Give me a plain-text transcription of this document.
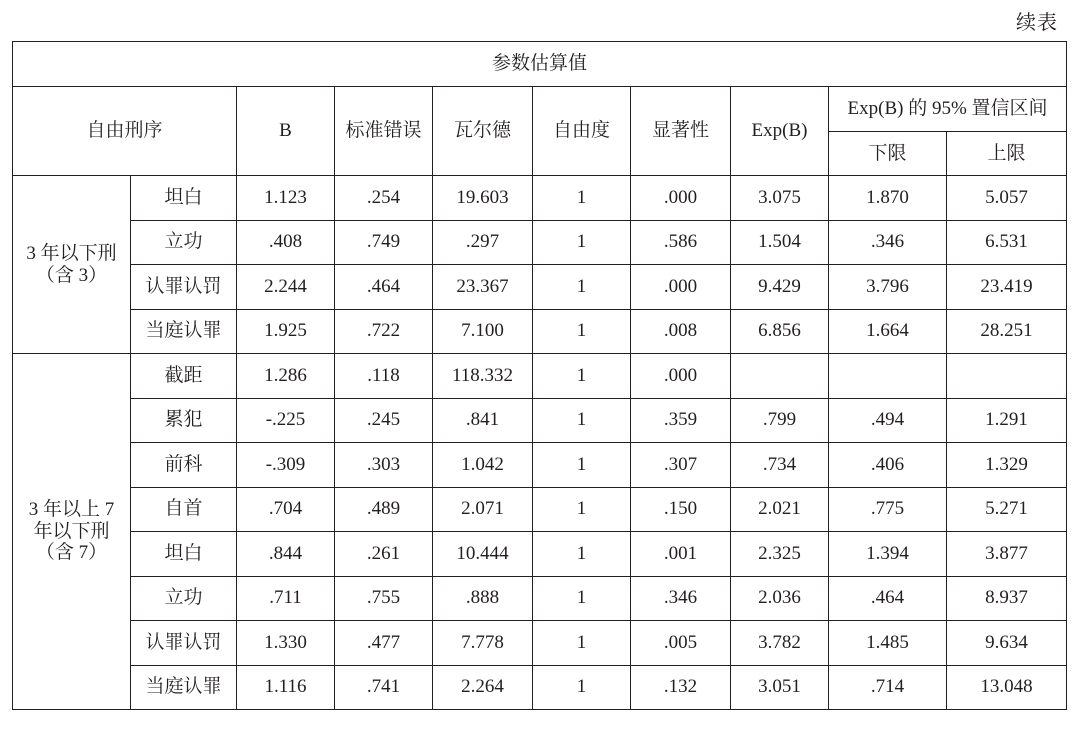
续表
参数估算值									
自由刑序		B	标准错误	瓦尔德	自由度	显著性	Exp(B)	Exp(B) 的 95% 置信区间	
								下限	上限

3 年以下刑
（含 3）	坦白	1.123	.254	19.603	1	.000	3.075	1.870	5.057
	立功	.408	.749	.297	1	.586	1.504	.346	6.531
	认罪认罚	2.244	.464	23.367	1	.000	9.429	3.796	23.419
	当庭认罪	1.925	.722	7.100	1	.008	6.856	1.664	28.251

3 年以上 7
年以下刑
（含 7）	截距	1.286	.118	118.332	1	.000			
	累犯	-.225	.245	.841	1	.359	.799	.494	1.291
	前科	-.309	.303	1.042	1	.307	.734	.406	1.329
	自首	.704	.489	2.071	1	.150	2.021	.775	5.271
	坦白	.844	.261	10.444	1	.001	2.325	1.394	3.877
	立功	.711	.755	.888	1	.346	2.036	.464	8.937
	认罪认罚	1.330	.477	7.778	1	.005	3.782	1.485	9.634
	当庭认罪	1.116	.741	2.264	1	.132	3.051	.714	13.048
